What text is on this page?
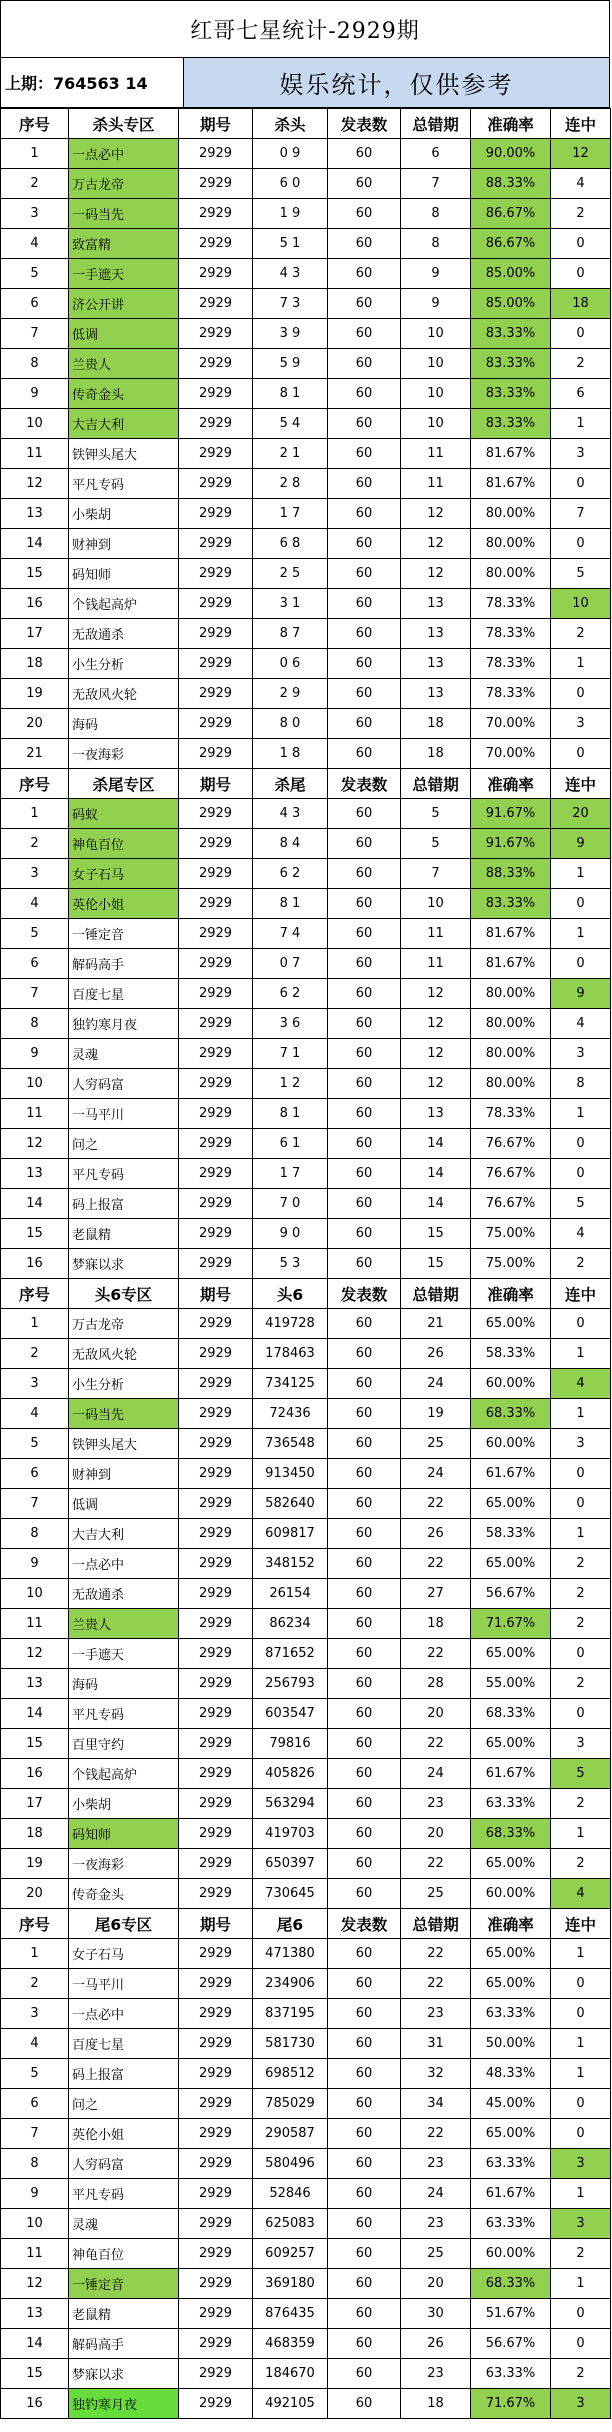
红哥七星统计-2929期
上期：764563 14	娱乐统计，仅供参考
序号	杀头专区	期号	杀头	发表数	总错期	准确率	连中
1	一点必中	2929	0 9	60	6	90.00%	12
2	万古龙帝	2929	6 0	60	7	88.33%	4
3	一码当先	2929	1 9	60	8	86.67%	2
4	致富精	2929	5 1	60	8	86.67%	0
5	一手遮天	2929	4 3	60	9	85.00%	0
6	济公开讲	2929	7 3	60	9	85.00%	18
7	低调	2929	3 9	60	10	83.33%	0
8	兰贵人	2929	5 9	60	10	83.33%	2
9	传奇金头	2929	8 1	60	10	83.33%	6
10	大吉大利	2929	5 4	60	10	83.33%	1
11	铁钾头尾大	2929	2 1	60	11	81.67%	3
12	平凡专码	2929	2 8	60	11	81.67%	0
13	小柴胡	2929	1 7	60	12	80.00%	7
14	财神到	2929	6 8	60	12	80.00%	0
15	码知师	2929	2 5	60	12	80.00%	5
16	个钱起高炉	2929	3 1	60	13	78.33%	10
17	无敌通杀	2929	8 7	60	13	78.33%	2
18	小生分析	2929	0 6	60	13	78.33%	1
19	无敌风火轮	2929	2 9	60	13	78.33%	0
20	海码	2929	8 0	60	18	70.00%	3
21	一夜海彩	2929	1 8	60	18	70.00%	0
序号	杀尾专区	期号	杀尾	发表数	总错期	准确率	连中
1	码蚁	2929	4 3	60	5	91.67%	20
2	神龟百位	2929	8 4	60	5	91.67%	9
3	女子石马	2929	6 2	60	7	88.33%	1
4	英伦小姐	2929	8 1	60	10	83.33%	0
5	一锤定音	2929	7 4	60	11	81.67%	1
6	解码高手	2929	0 7	60	11	81.67%	0
7	百度七星	2929	6 2	60	12	80.00%	9
8	独钓寒月夜	2929	3 6	60	12	80.00%	4
9	灵魂	2929	7 1	60	12	80.00%	3
10	人穷码富	2929	1 2	60	12	80.00%	8
11	一马平川	2929	8 1	60	13	78.33%	1
12	问之	2929	6 1	60	14	76.67%	0
13	平凡专码	2929	1 7	60	14	76.67%	0
14	码上报富	2929	7 0	60	14	76.67%	5
15	老鼠精	2929	9 0	60	15	75.00%	4
16	梦寐以求	2929	5 3	60	15	75.00%	2
序号	头6专区	期号	头6	发表数	总错期	准确率	连中
1	万古龙帝	2929	419728	60	21	65.00%	0
2	无敌风火轮	2929	178463	60	26	58.33%	1
3	小生分析	2929	734125	60	24	60.00%	4
4	一码当先	2929	72436	60	19	68.33%	1
5	铁钾头尾大	2929	736548	60	25	60.00%	3
6	财神到	2929	913450	60	24	61.67%	0
7	低调	2929	582640	60	22	65.00%	0
8	大吉大利	2929	609817	60	26	58.33%	1
9	一点必中	2929	348152	60	22	65.00%	2
10	无敌通杀	2929	26154	60	27	56.67%	2
11	兰贵人	2929	86234	60	18	71.67%	2
12	一手遮天	2929	871652	60	22	65.00%	0
13	海码	2929	256793	60	28	55.00%	2
14	平凡专码	2929	603547	60	20	68.33%	0
15	百里守约	2929	79816	60	22	65.00%	3
16	个钱起高炉	2929	405826	60	24	61.67%	5
17	小柴胡	2929	563294	60	23	63.33%	2
18	码知师	2929	419703	60	20	68.33%	1
19	一夜海彩	2929	650397	60	22	65.00%	2
20	传奇金头	2929	730645	60	25	60.00%	4
序号	尾6专区	期号	尾6	发表数	总错期	准确率	连中
1	女子石马	2929	471380	60	22	65.00%	1
2	一马平川	2929	234906	60	22	65.00%	0
3	一点必中	2929	837195	60	23	63.33%	0
4	百度七星	2929	581730	60	31	50.00%	1
5	码上报富	2929	698512	60	32	48.33%	1
6	问之	2929	785029	60	34	45.00%	0
7	英伦小姐	2929	290587	60	22	65.00%	0
8	人穷码富	2929	580496	60	23	63.33%	3
9	平凡专码	2929	52846	60	24	61.67%	1
10	灵魂	2929	625083	60	23	63.33%	3
11	神龟百位	2929	609257	60	25	60.00%	2
12	一锤定音	2929	369180	60	20	68.33%	1
13	老鼠精	2929	876435	60	30	51.67%	0
14	解码高手	2929	468359	60	26	56.67%	0
15	梦寐以求	2929	184670	60	23	63.33%	2
16	独钓寒月夜	2929	492105	60	18	71.67%	3
